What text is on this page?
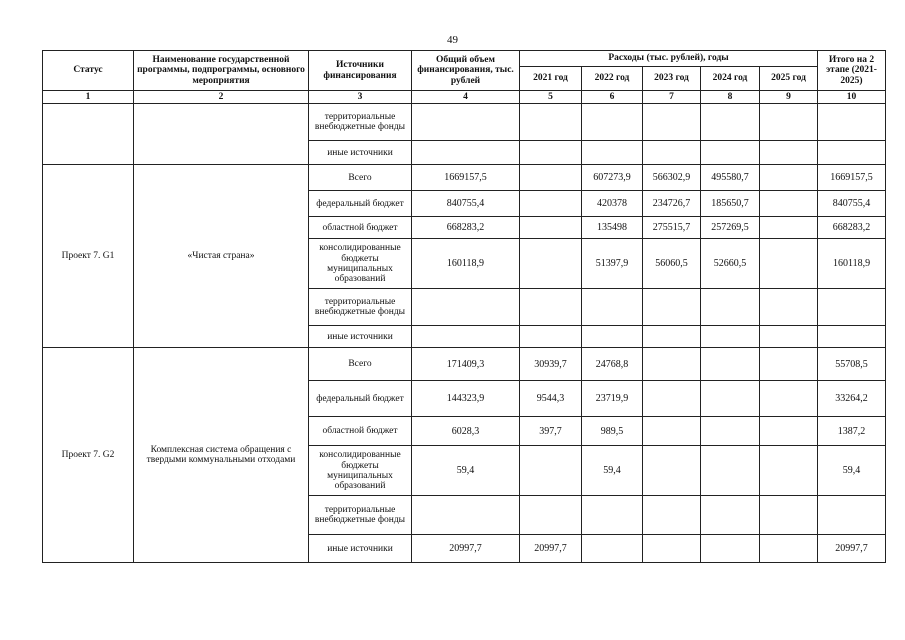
49
Статус	Наименование государственной программы, подпрограммы, основного мероприятия	Источники финансирования	Общий объем финансирования, тыс. рублей	Расходы (тыс. рублей), годы					Итого на 2 этапе (2021-2025)
				2021 год	2022 год	2023 год	2024 год	2025 год	
1	2	3	4	5	6	7	8	9	10
		территориальные внебюджетные фонды							
		иные источники							
Проект 7. G1	«Чистая страна»	Всего	1669157,5		607273,9	566302,9	495580,7		1669157,5
		федеральный бюджет	840755,4		420378	234726,7	185650,7		840755,4
		областной бюджет	668283,2		135498	275515,7	257269,5		668283,2
		консолидированные бюджеты муниципальных образований	160118,9		51397,9	56060,5	52660,5		160118,9
		территориальные внебюджетные фонды							
		иные источники							
Проект 7. G2	Комплексная система обращения с твердыми коммунальными отходами	Всего	171409,3	30939,7	24768,8				55708,5
		федеральный бюджет	144323,9	9544,3	23719,9				33264,2
		областной бюджет	6028,3	397,7	989,5				1387,2
		консолидированные бюджеты муниципальных образований	59,4		59,4				59,4
		территориальные внебюджетные фонды							
		иные источники	20997,7	20997,7					20997,7
